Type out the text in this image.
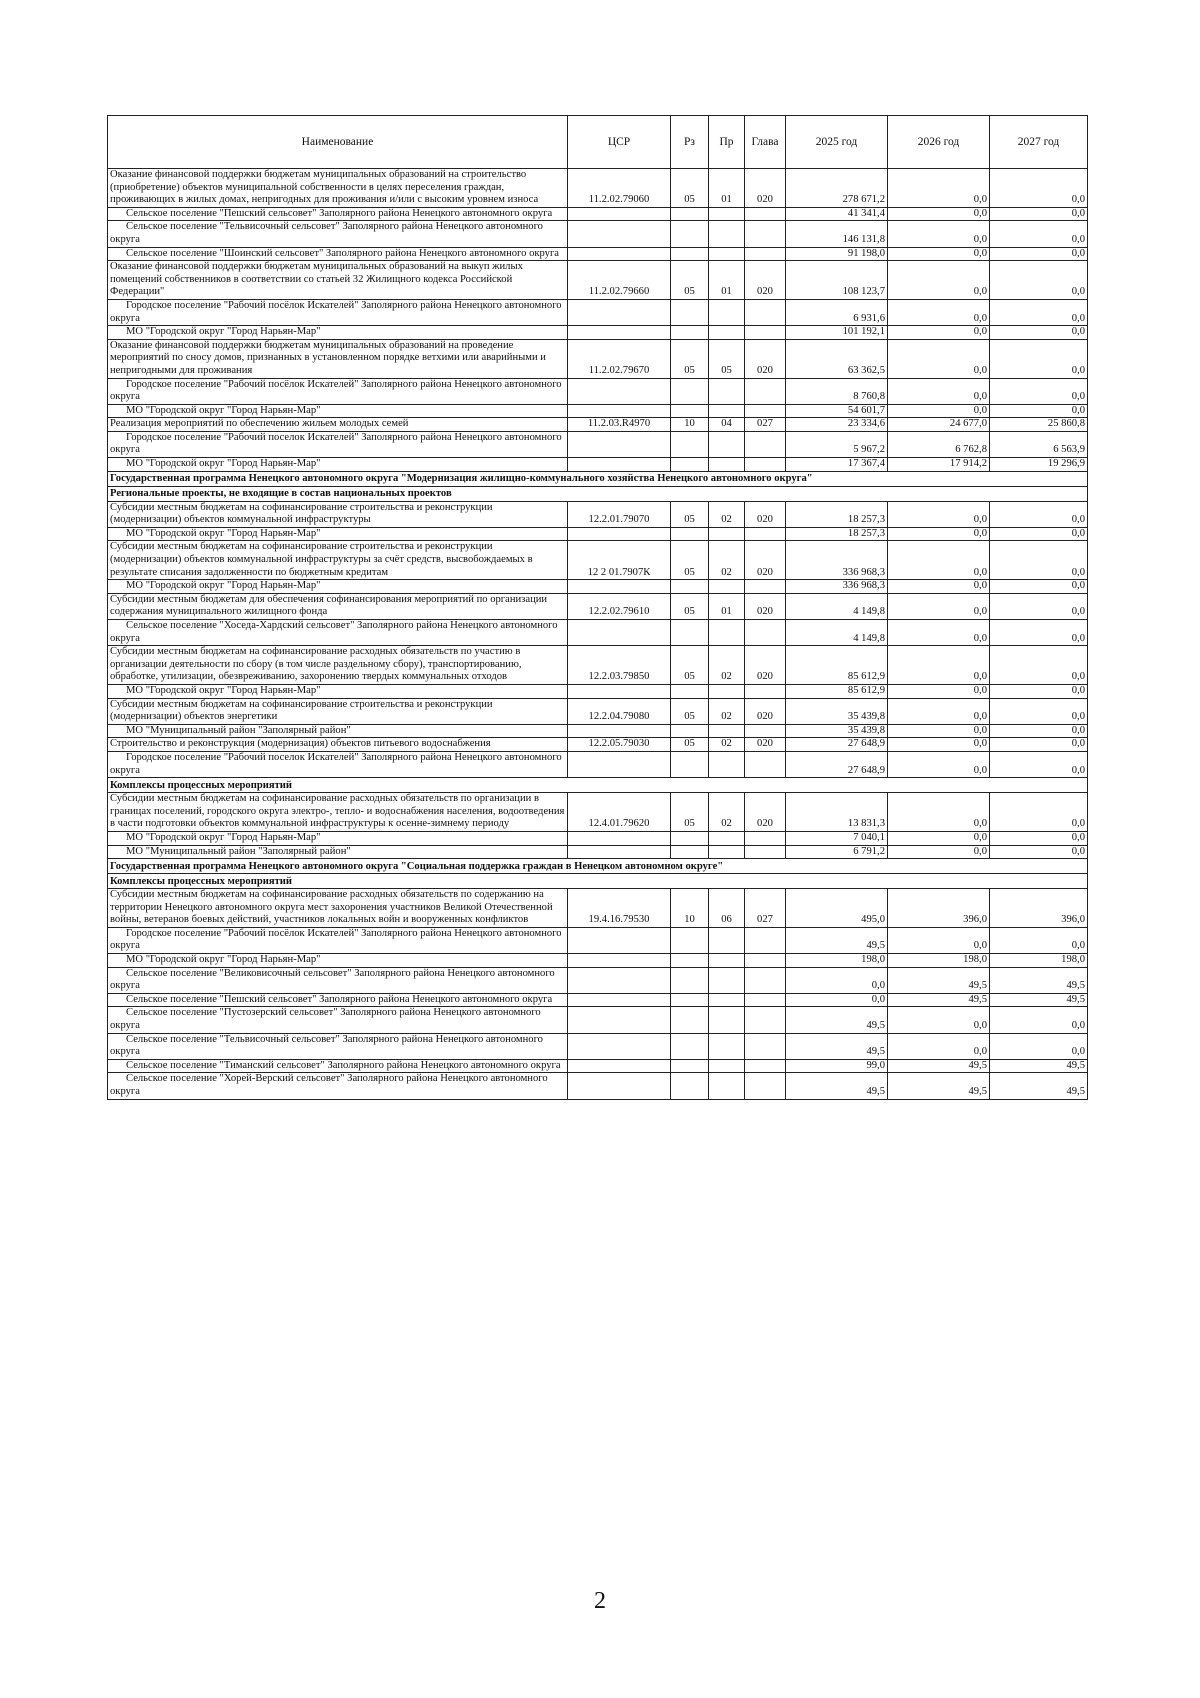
Наименование	ЦСР	Рз	Пр	Глава	2025 год	2026 год	2027 год
Оказание финансовой поддержки бюджетам муниципальных образований на строительство (приобретение) объектов муниципальной собственности в целях переселения граждан, проживающих в жилых домах, непригодных для проживания и/или с высоким уровнем износа	11.2.02.79060	05	01	020	278 671,2	0,0	0,0
Сельское поселение "Пешский сельсовет" Заполярного района Ненецкого автономного округа					41 341,4	0,0	0,0
Сельское поселение "Тельвисочный сельсовет" Заполярного района Ненецкого автономного округа					146 131,8	0,0	0,0
Сельское поселение "Шоинский сельсовет" Заполярного района Ненецкого автономного округа					91 198,0	0,0	0,0
Оказание финансовой поддержки бюджетам муниципальных образований на выкуп жилых помещений собственников в соответствии со статьей 32 Жилищного кодекса Российской Федерации"	11.2.02.79660	05	01	020	108 123,7	0,0	0,0
Городское поселение "Рабочий посёлок Искателей" Заполярного района Ненецкого автономного округа					6 931,6	0,0	0,0
МО "Городской округ "Город Нарьян-Мар"					101 192,1	0,0	0,0
Оказание финансовой поддержки бюджетам муниципальных образований на проведение мероприятий по сносу домов, признанных в установленном порядке ветхими или аварийными и непригодными для проживания	11.2.02.79670	05	05	020	63 362,5	0,0	0,0
Городское поселение "Рабочий посёлок Искателей" Заполярного района Ненецкого автономного округа					8 760,8	0,0	0,0
МО "Городской округ "Город Нарьян-Мар"					54 601,7	0,0	0,0
Реализация мероприятий по обеспечению жильем молодых семей	11.2.03.R4970	10	04	027	23 334,6	24 677,0	25 860,8
Городское поселение "Рабочий поселок Искателей" Заполярного района Ненецкого автономного округа					5 967,2	6 762,8	6 563,9
МО "Городской округ "Город Нарьян-Мар"					17 367,4	17 914,2	19 296,9
Государственная программа Ненецкого автономного округа "Модернизация жилищно-коммунального хозяйства Ненецкого автономного округа"							
Региональные проекты, не входящие в состав национальных проектов							
Субсидии местным бюджетам на софинансирование строительства и реконструкции (модернизации) объектов коммунальной инфраструктуры	12.2.01.79070	05	02	020	18 257,3	0,0	0,0
МО "Городской округ "Город Нарьян-Мар"					18 257,3	0,0	0,0
Субсидии местным бюджетам на софинансирование строительства и реконструкции (модернизации) объектов коммунальной инфраструктуры за счёт средств, высвобождаемых в результате списания задолженности по бюджетным кредитам	12 2 01.7907К	05	02	020	336 968,3	0,0	0,0
МО "Городской округ "Город Нарьян-Мар"					336 968,3	0,0	0,0
Субсидии местным бюджетам для обеспечения софинансирования мероприятий по организации содержания муниципального жилищного фонда	12.2.02.79610	05	01	020	4 149,8	0,0	0,0
Сельское поселение "Хоседа-Хардский сельсовет" Заполярного района Ненецкого автономного округа					4 149,8	0,0	0,0
Субсидии местным бюджетам на софинансирование расходных обязательств по участию в организации деятельности по сбору (в том числе раздельному сбору), транспортированию, обработке, утилизации, обезвреживанию, захоронению твердых коммунальных отходов	12.2.03.79850	05	02	020	85 612,9	0,0	0,0
МО "Городской округ "Город Нарьян-Мар"					85 612,9	0,0	0,0
Субсидии местным бюджетам на софинансирование строительства и реконструкции (модернизации) объектов энергетики	12.2.04.79080	05	02	020	35 439,8	0,0	0,0
МО "Муниципальный район "Заполярный район"					35 439,8	0,0	0,0
Строительство и реконструкция (модернизация) объектов питьевого водоснабжения	12.2.05.79030	05	02	020	27 648,9	0,0	0,0
Городское поселение "Рабочий поселок Искателей" Заполярного района Ненецкого автономного округа					27 648,9	0,0	0,0
Комплексы процессных мероприятий							
Субсидии местным бюджетам на софинансирование расходных обязательств по организации в границах поселений, городского округа электро-, тепло- и водоснабжения населения, водоотведения в части подготовки объектов коммунальной инфраструктуры к осенне-зимнему периоду	12.4.01.79620	05	02	020	13 831,3	0,0	0,0
МО "Городской округ "Город Нарьян-Мар"					7 040,1	0,0	0,0
МО "Муниципальный район "Заполярный район"					6 791,2	0,0	0,0
Государственная программа Ненецкого автономного округа "Социальная поддержка граждан в Ненецком автономном округе"							
Комплексы процессных мероприятий							
Субсидии местным бюджетам на софинансирование расходных обязательств по содержанию на территории Ненецкого автономного округа мест захоронения участников Великой Отечественной войны, ветеранов боевых действий, участников локальных войн и вооруженных конфликтов	19.4.16.79530	10	06	027	495,0	396,0	396,0
Городское поселение "Рабочий посёлок Искателей" Заполярного района Ненецкого автономного округа					49,5	0,0	0,0
МО "Городской округ "Город Нарьян-Мар"					198,0	198,0	198,0
Сельское поселение "Великовисочный сельсовет" Заполярного района Ненецкого автономного округа					0,0	49,5	49,5
Сельское поселение "Пешский сельсовет" Заполярного района Ненецкого автономного округа					0,0	49,5	49,5
Сельское поселение "Пустозерский сельсовет" Заполярного района Ненецкого автономного округа					49,5	0,0	0,0
Сельское поселение "Тельвисочный сельсовет" Заполярного района Ненецкого автономного округа					49,5	0,0	0,0
Сельское поселение "Тиманский сельсовет" Заполярного района Ненецкого автономного округа					99,0	49,5	49,5
Сельское поселение "Хорей-Верский сельсовет" Заполярного района Ненецкого автономного округа					49,5	49,5	49,5
2
